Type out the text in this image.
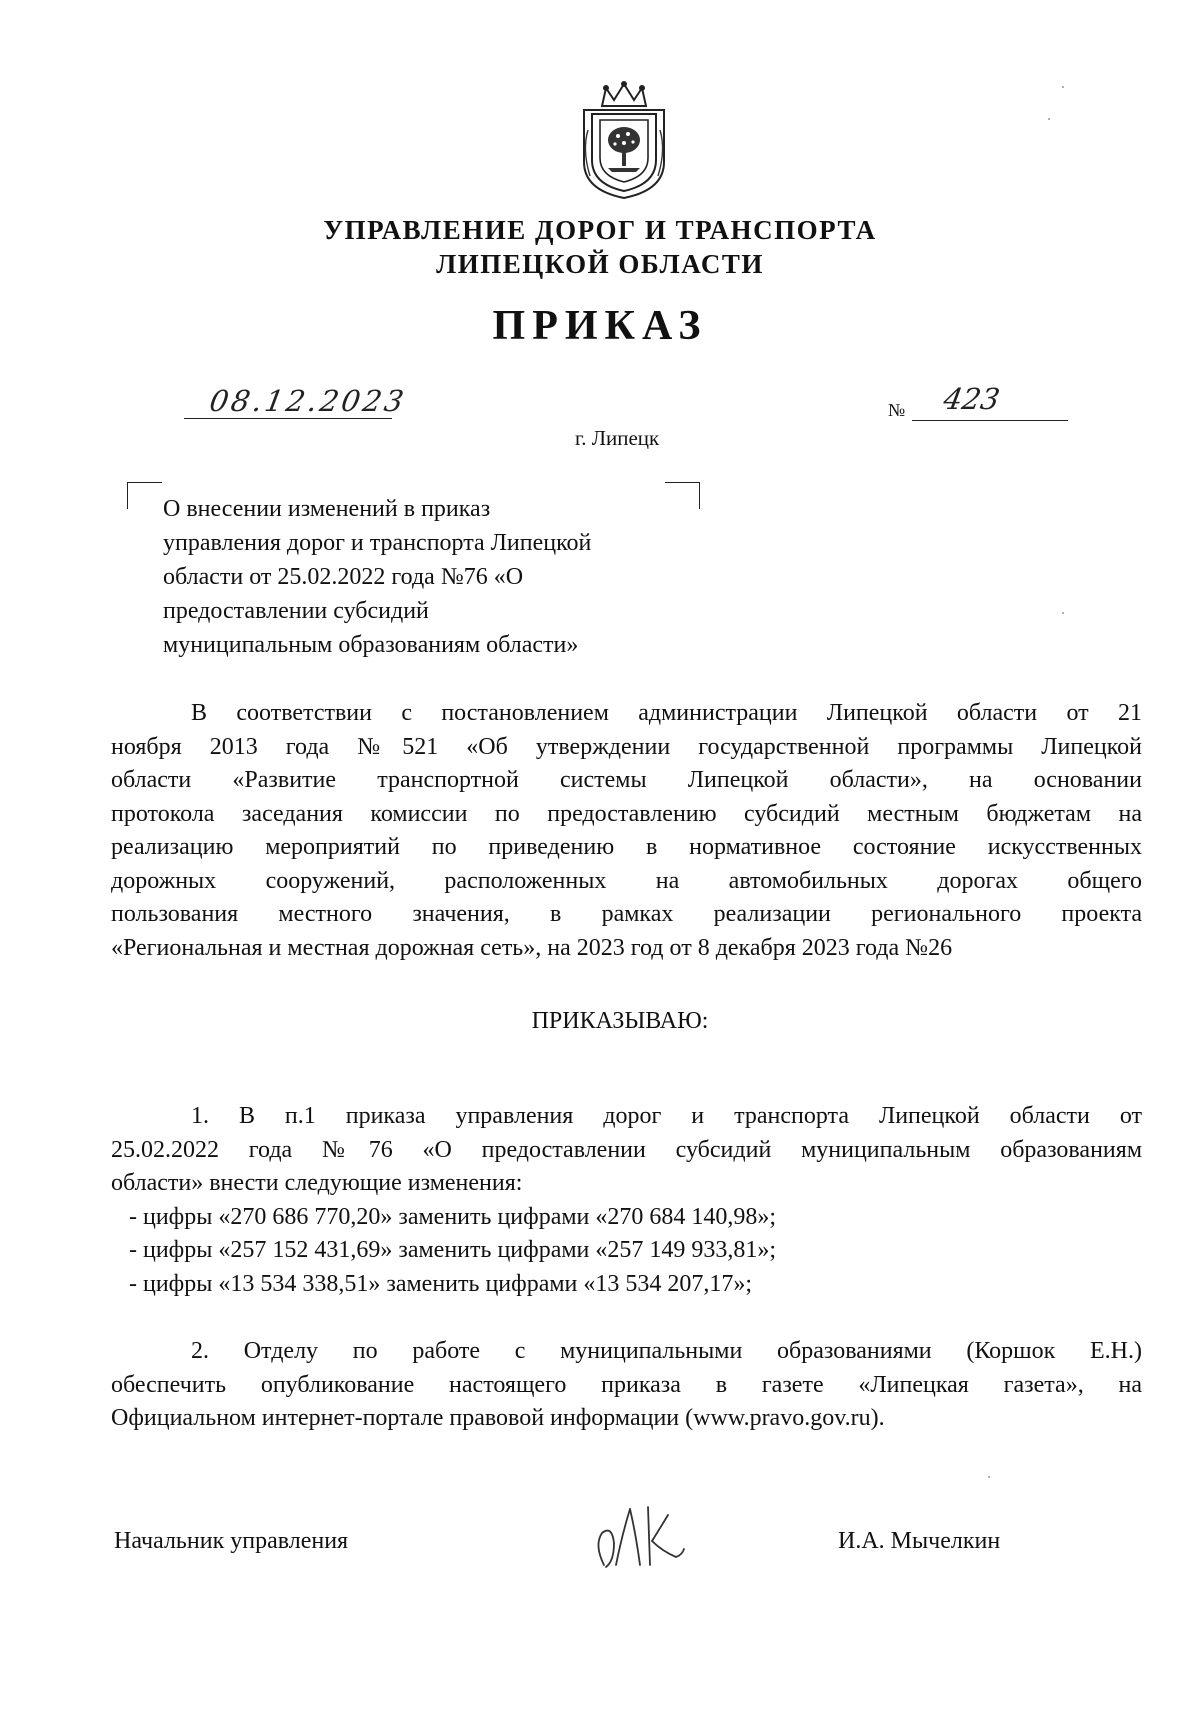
УПРАВЛЕНИЕ ДОРОГ И ТРАНСПОРТА
ЛИПЕЦКОЙ ОБЛАСТИ
ПРИКАЗ
08.12.2023	№ 423
г. Липецк
О внесении изменений в приказ
управления дорог и транспорта Липецкой
области от 25.02.2022 года №76 «О
предоставлении субсидий
муниципальным образованиям области»
В соответствии с постановлением администрации Липецкой области от 21
ноября 2013 года №521 «Об утверждении государственной программы Липецкой
области «Развитие транспортной системы Липецкой области», на основании
протокола заседания комиссии по предоставлению субсидий местным бюджетам на
реализацию мероприятий по приведению в нормативное состояние искусственных
дорожных сооружений, расположенных на автомобильных дорогах общего
пользования местного значения, в рамках реализации регионального проекта
«Региональная и местная дорожная сеть», на 2023 год от 8 декабря 2023 года №26
ПРИКАЗЫВАЮ:
1. В п.1 приказа управления дорог и транспорта Липецкой области от
25.02.2022 года №76 «О предоставлении субсидий муниципальным образованиям
области» внести следующие изменения:
- цифры «270 686 770,20» заменить цифрами «270 684 140,98»;
- цифры «257 152 431,69» заменить цифрами «257 149 933,81»;
- цифры «13 534 338,51» заменить цифрами «13 534 207,17»;
2. Отделу по работе с муниципальными образованиями (Коршок Е.Н.)
обеспечить опубликование настоящего приказа в газете «Липецкая газета», на
Официальном интернет-портале правовой информации (www.pravo.gov.ru).
Начальник управления	И.А. Мычелкин
